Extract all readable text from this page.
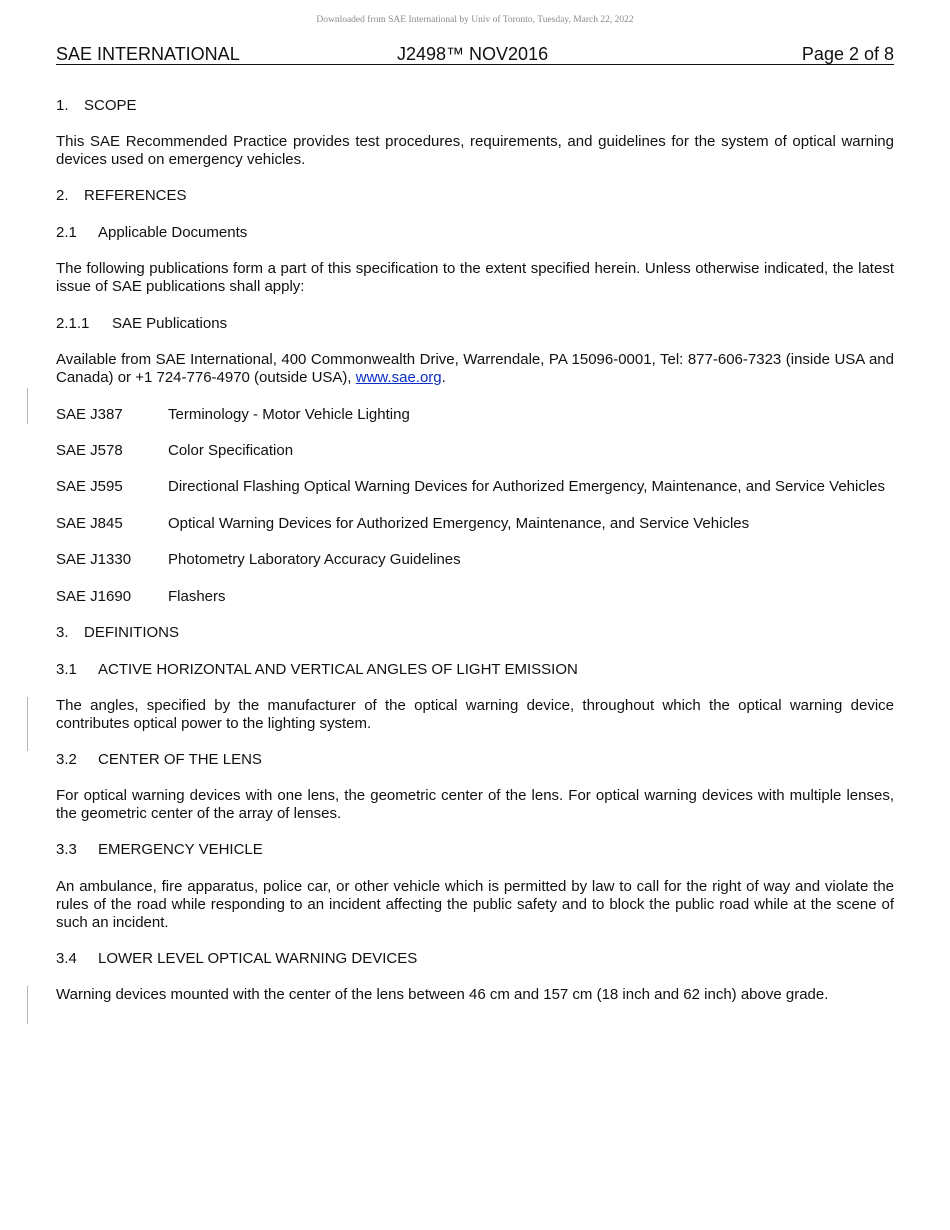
Downloaded from SAE International by Univ of Toronto, Tuesday, March 22, 2022
SAE INTERNATIONAL	J2498™ NOV2016	Page 2 of 8
1. SCOPE

This SAE Recommended Practice provides test procedures, requirements, and guidelines for the system of optical warning devices used on emergency vehicles.

2. REFERENCES
2.1 Applicable Documents

The following publications form a part of this specification to the extent specified herein. Unless otherwise indicated, the latest issue of SAE publications shall apply:

2.1.1 SAE Publications

Available from SAE International, 400 Commonwealth Drive, Warrendale, PA 15096-0001, Tel: 877-606-7323 (inside USA and Canada) or +1 724-776-4970 (outside USA), www.sae.org.

SAE J387	Terminology - Motor Vehicle Lighting
SAE J578	Color Specification
SAE J595	Directional Flashing Optical Warning Devices for Authorized Emergency, Maintenance, and Service Vehicles
SAE J845	Optical Warning Devices for Authorized Emergency, Maintenance, and Service Vehicles
SAE J1330	Photometry Laboratory Accuracy Guidelines
SAE J1690	Flashers
3. DEFINITIONS
3.1 ACTIVE HORIZONTAL AND VERTICAL ANGLES OF LIGHT EMISSION

The angles, specified by the manufacturer of the optical warning device, throughout which the optical warning device contributes optical power to the lighting system.

3.2 CENTER OF THE LENS

For optical warning devices with one lens, the geometric center of the lens. For optical warning devices with multiple lenses, the geometric center of the array of lenses.

3.3 EMERGENCY VEHICLE

An ambulance, fire apparatus, police car, or other vehicle which is permitted by law to call for the right of way and violate the rules of the road while responding to an incident affecting the public safety and to block the public road while at the scene of such an incident.

3.4 LOWER LEVEL OPTICAL WARNING DEVICES

Warning devices mounted with the center of the lens between 46 cm and 157 cm (18 inch and 62 inch) above grade.
